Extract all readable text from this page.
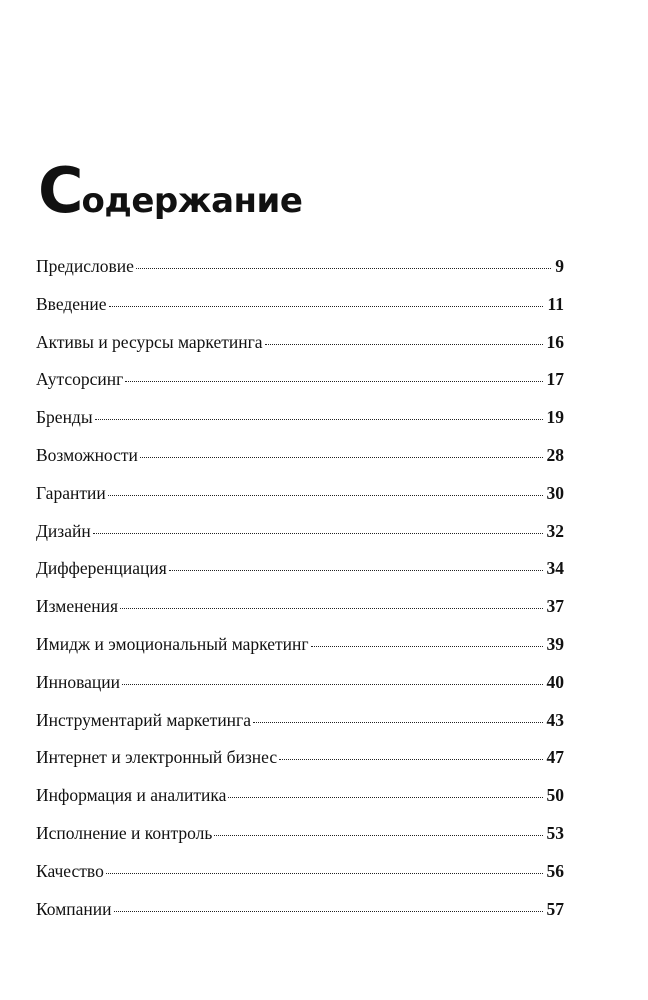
Содержание
Предисловие	9
Введение	11
Активы и ресурсы маркетинга	16
Аутсорсинг	17
Бренды	19
Возможности	28
Гарантии	30
Дизайн	32
Дифференциация	34
Изменения	37
Имидж и эмоциональный маркетинг	39
Инновации	40
Инструментарий маркетинга	43
Интернет и электронный бизнес	47
Информация и аналитика	50
Исполнение и контроль	53
Качество	56
Компании	57
